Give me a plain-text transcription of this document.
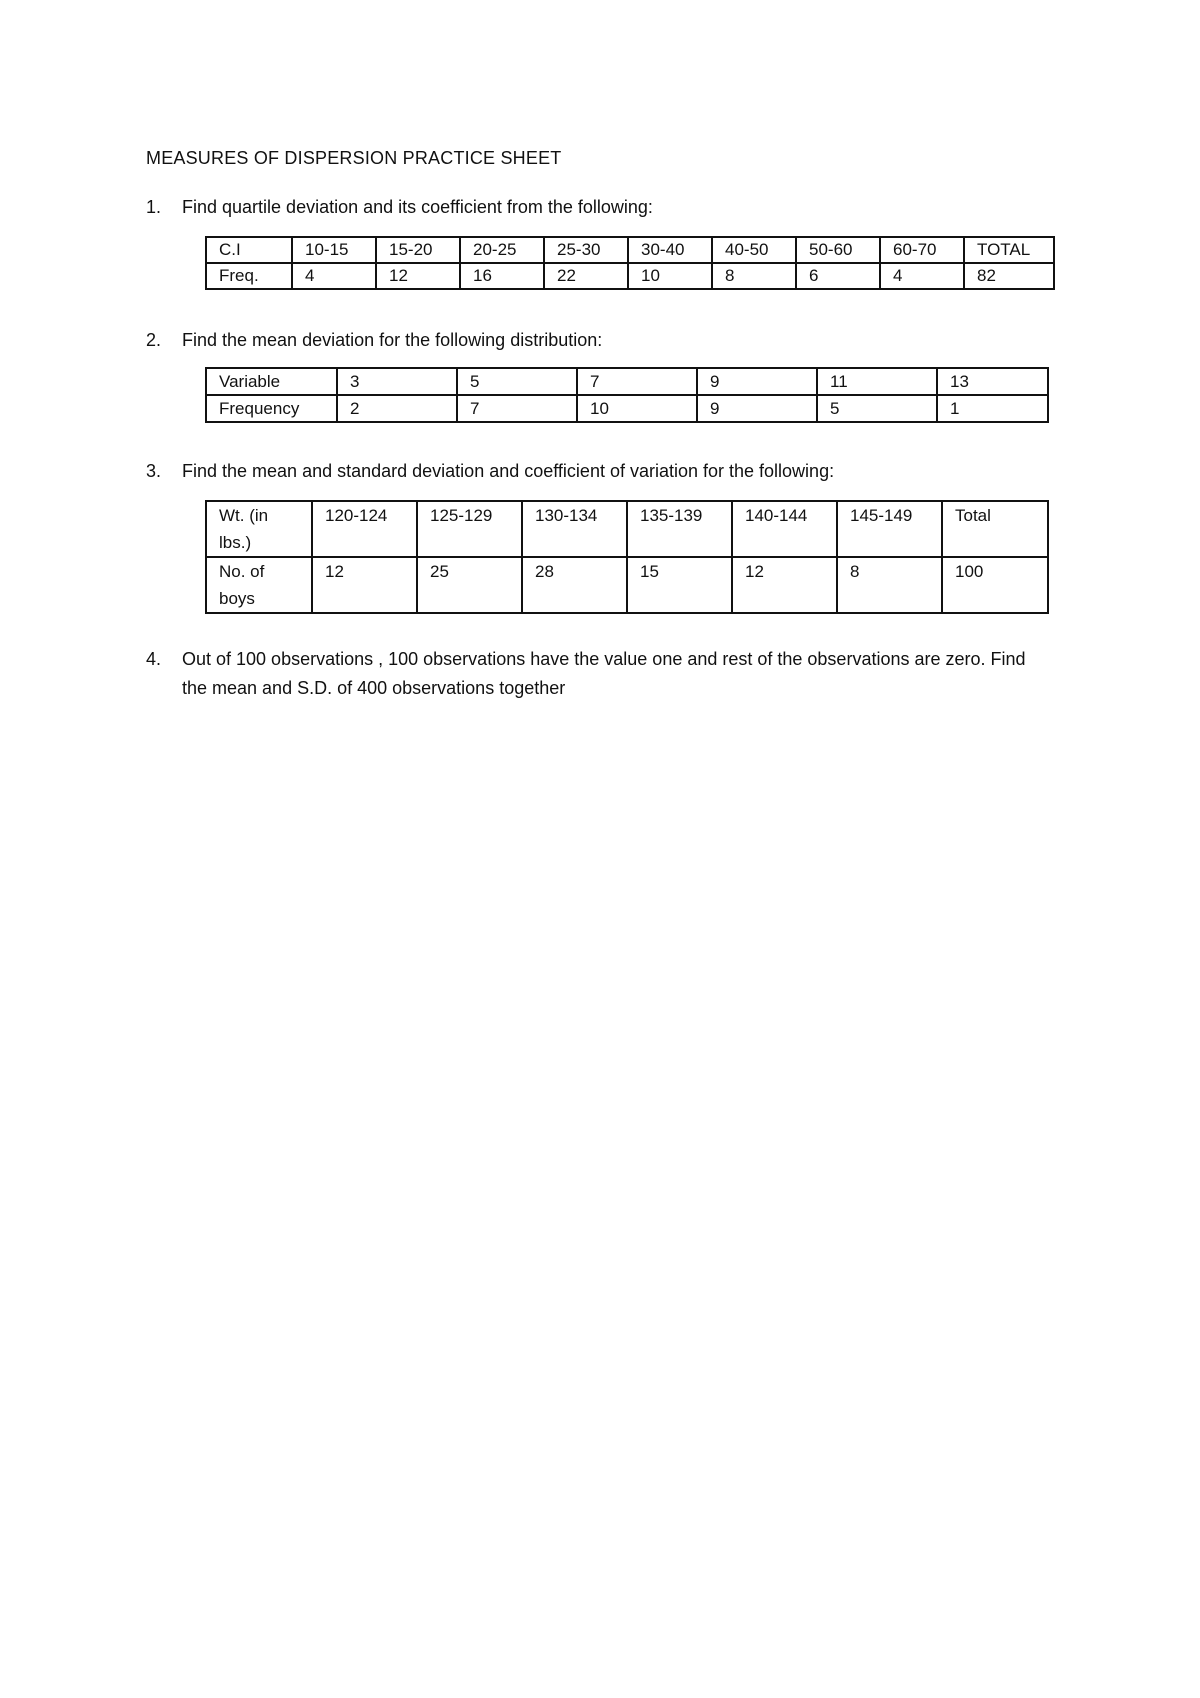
MEASURES OF DISPERSION PRACTICE SHEET
1. Find quartile deviation and its coefficient from the following:
C.I	10-15	15-20	20-25	25-30	30-40	40-50	50-60	60-70	TOTAL
Freq.	4	12	16	22	10	8	6	4	82
2. Find the mean deviation for the following distribution:
Variable	3	5	7	9	11	13
Frequency	2	7	10	9	5	1
3. Find the mean and standard deviation and coefficient of variation for the following:
Wt. (in lbs.)	120-124	125-129	130-134	135-139	140-144	145-149	Total
No. of boys	12	25	28	15	12	8	100
4. Out of 100 observations , 100 observations have the value one and rest of the observations are zero. Find the mean and S.D. of 400 observations together
